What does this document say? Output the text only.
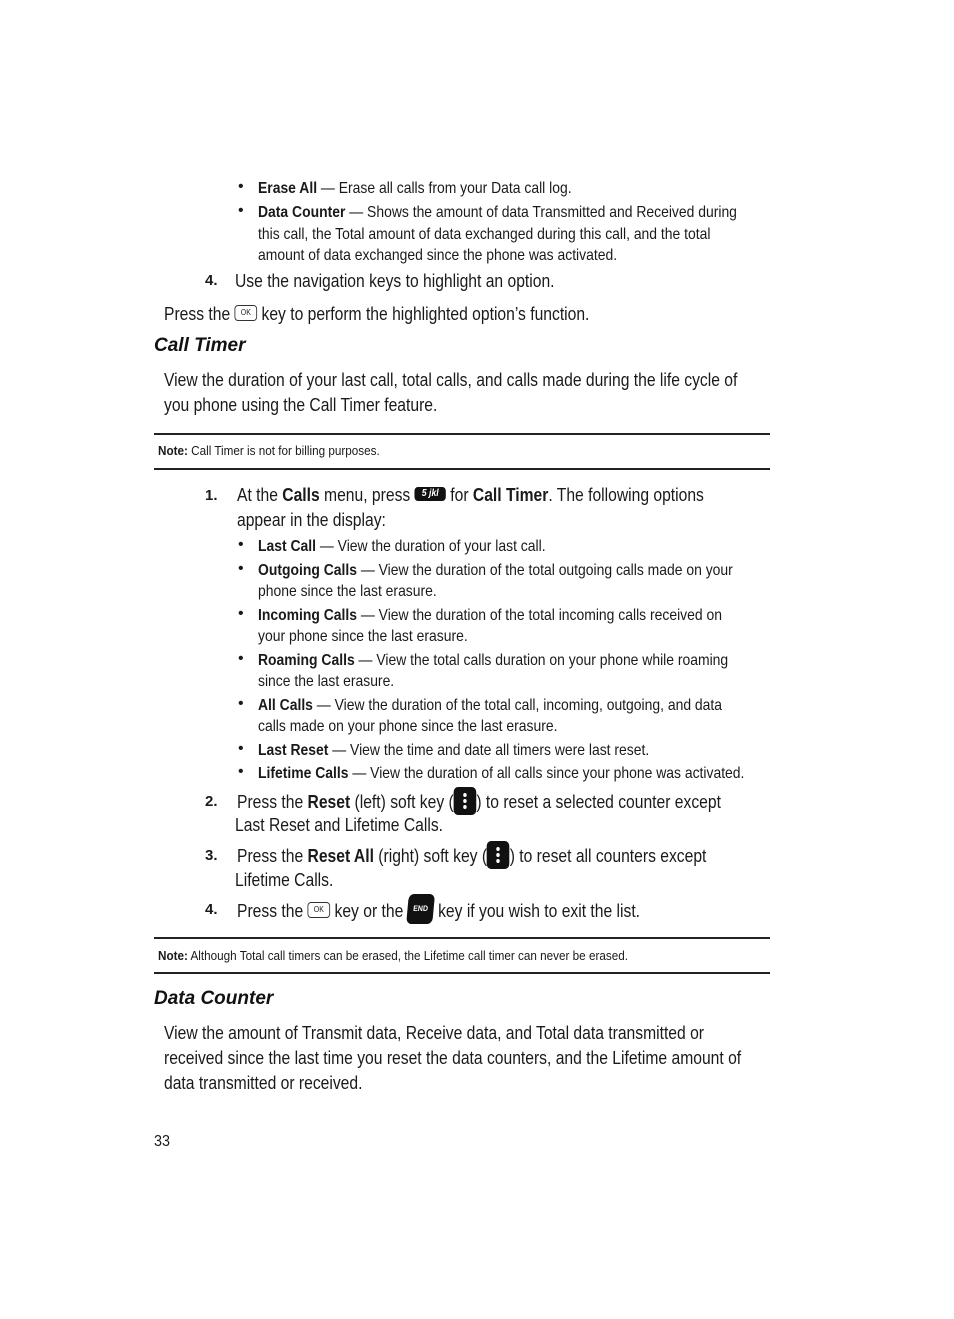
• Erase All — Erase all calls from your Data call log.
• Data Counter — Shows the amount of data Transmitted and Received during
this call, the Total amount of data exchanged during this call, and the total
amount of data exchanged since the phone was activated.
4. Use the navigation keys to highlight an option.
Press the OK key to perform the highlighted option’s function.
Call Timer
View the duration of your last call, total calls, and calls made during the life cycle of
you phone using the Call Timer feature.
Note: Call Timer is not for billing purposes.
1. At the Calls menu, press 5 jkl for Call Timer. The following options
appear in the display:
• Last Call — View the duration of your last call.
• Outgoing Calls — View the duration of the total outgoing calls made on your
phone since the last erasure.
• Incoming Calls — View the duration of the total incoming calls received on
your phone since the last erasure.
• Roaming Calls — View the total calls duration on your phone while roaming
since the last erasure.
• All Calls — View the duration of the total call, incoming, outgoing, and data
calls made on your phone since the last erasure.
• Last Reset — View the time and date all timers were last reset.
• Lifetime Calls — View the duration of all calls since your phone was activated.
2. Press the Reset (left) soft key ( ) to reset a selected counter except
Last Reset and Lifetime Calls.
3. Press the Reset All (right) soft key ( ) to reset all counters except
Lifetime Calls.
4. Press the OK key or the END key if you wish to exit the list.
Note: Although Total call timers can be erased, the Lifetime call timer can never be erased.
Data Counter
View the amount of Transmit data, Receive data, and Total data transmitted or
received since the last time you reset the data counters, and the Lifetime amount of
data transmitted or received.
33
